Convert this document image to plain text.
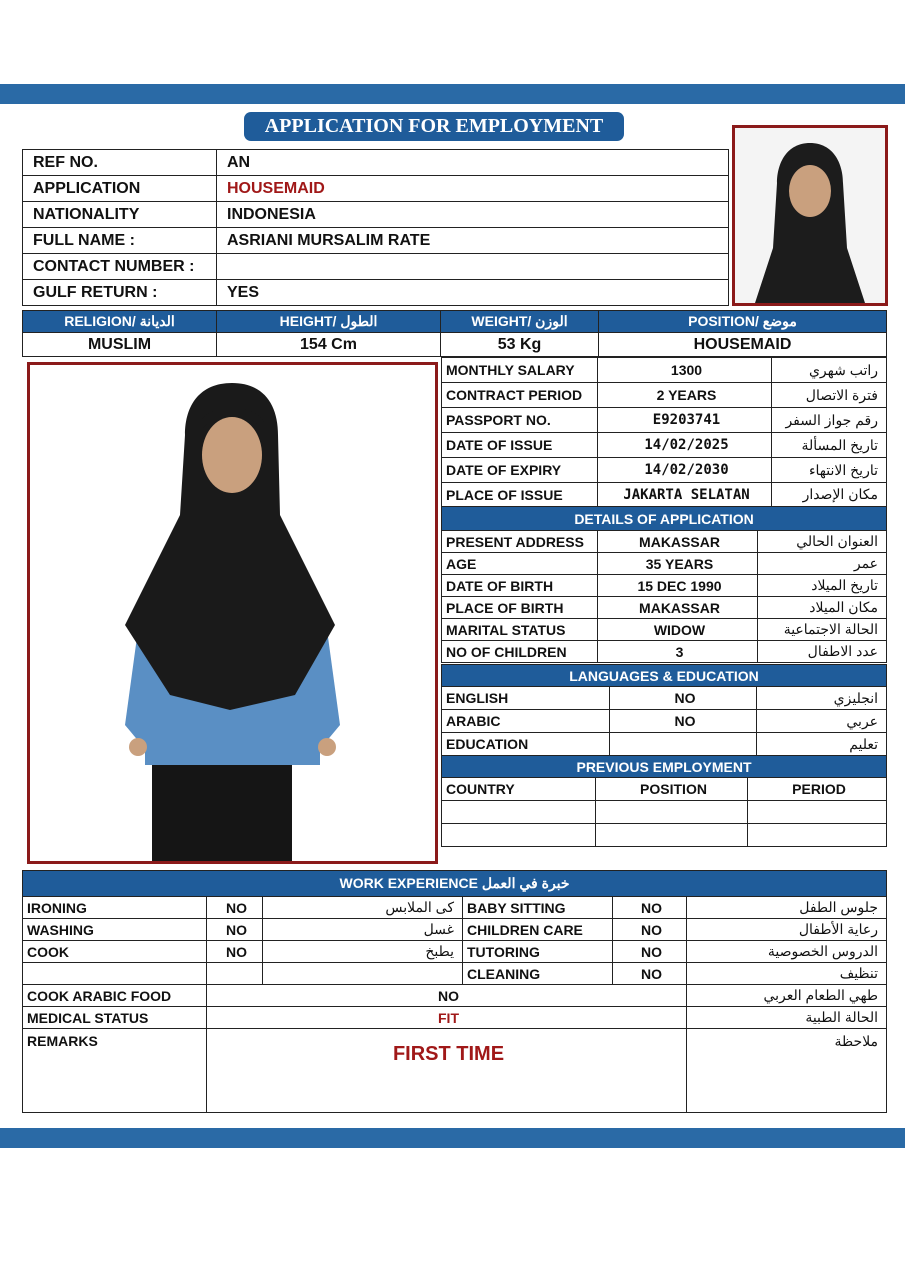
APPLICATION FOR EMPLOYMENT
REF NO.	AN
APPLICATION	HOUSEMAID
NATIONALITY	INDONESIA
FULL NAME :	ASRIANI MURSALIM RATE
CONTACT NUMBER :	
GULF RETURN :	YES
RELIGION/ الديانة	HEIGHT/ الطول	WEIGHT/ الوزن	POSITION/ موضع
MUSLIM	154 Cm	53 Kg	HOUSEMAID
MONTHLY SALARY	1300	راتب شهري
CONTRACT PERIOD	2 YEARS	فترة الاتصال
PASSPORT NO.	E9203741	رقم جواز السفر
DATE OF ISSUE	14/02/2025	تاريخ المسألة
DATE OF EXPIRY	14/02/2030	تاريخ الانتهاء
PLACE OF ISSUE	JAKARTA SELATAN	مكان الإصدار
DETAILS OF APPLICATION		
PRESENT ADDRESS	MAKASSAR	العنوان الحالي
AGE	35 YEARS	عمر
DATE OF BIRTH	15 DEC 1990	تاريخ الميلاد
PLACE OF BIRTH	MAKASSAR	مكان الميلاد
MARITAL STATUS	WIDOW	الحالة الاجتماعية
NO OF CHILDREN	3	عدد الاطفال
LANGUAGES & EDUCATION		
ENGLISH	NO	انجليزي
ARABIC	NO	عربي
EDUCATION		تعليم
PREVIOUS EMPLOYMENT		
COUNTRY	POSITION	PERIOD

WORK EXPERIENCE خبرة في العمل					
IRONING	NO	كى الملابس	BABY SITTING	NO	جلوس الطفل
WASHING	NO	غسل	CHILDREN CARE	NO	رعاية الأطفال
COOK	NO	يطبخ	TUTORING	NO	الدروس الخصوصية
			CLEANING	NO	تنظيف
COOK ARABIC FOOD	NO				طهي الطعام العربي
MEDICAL STATUS	FIT				الحالة الطبية
REMARKS	FIRST TIME				ملاحظة
